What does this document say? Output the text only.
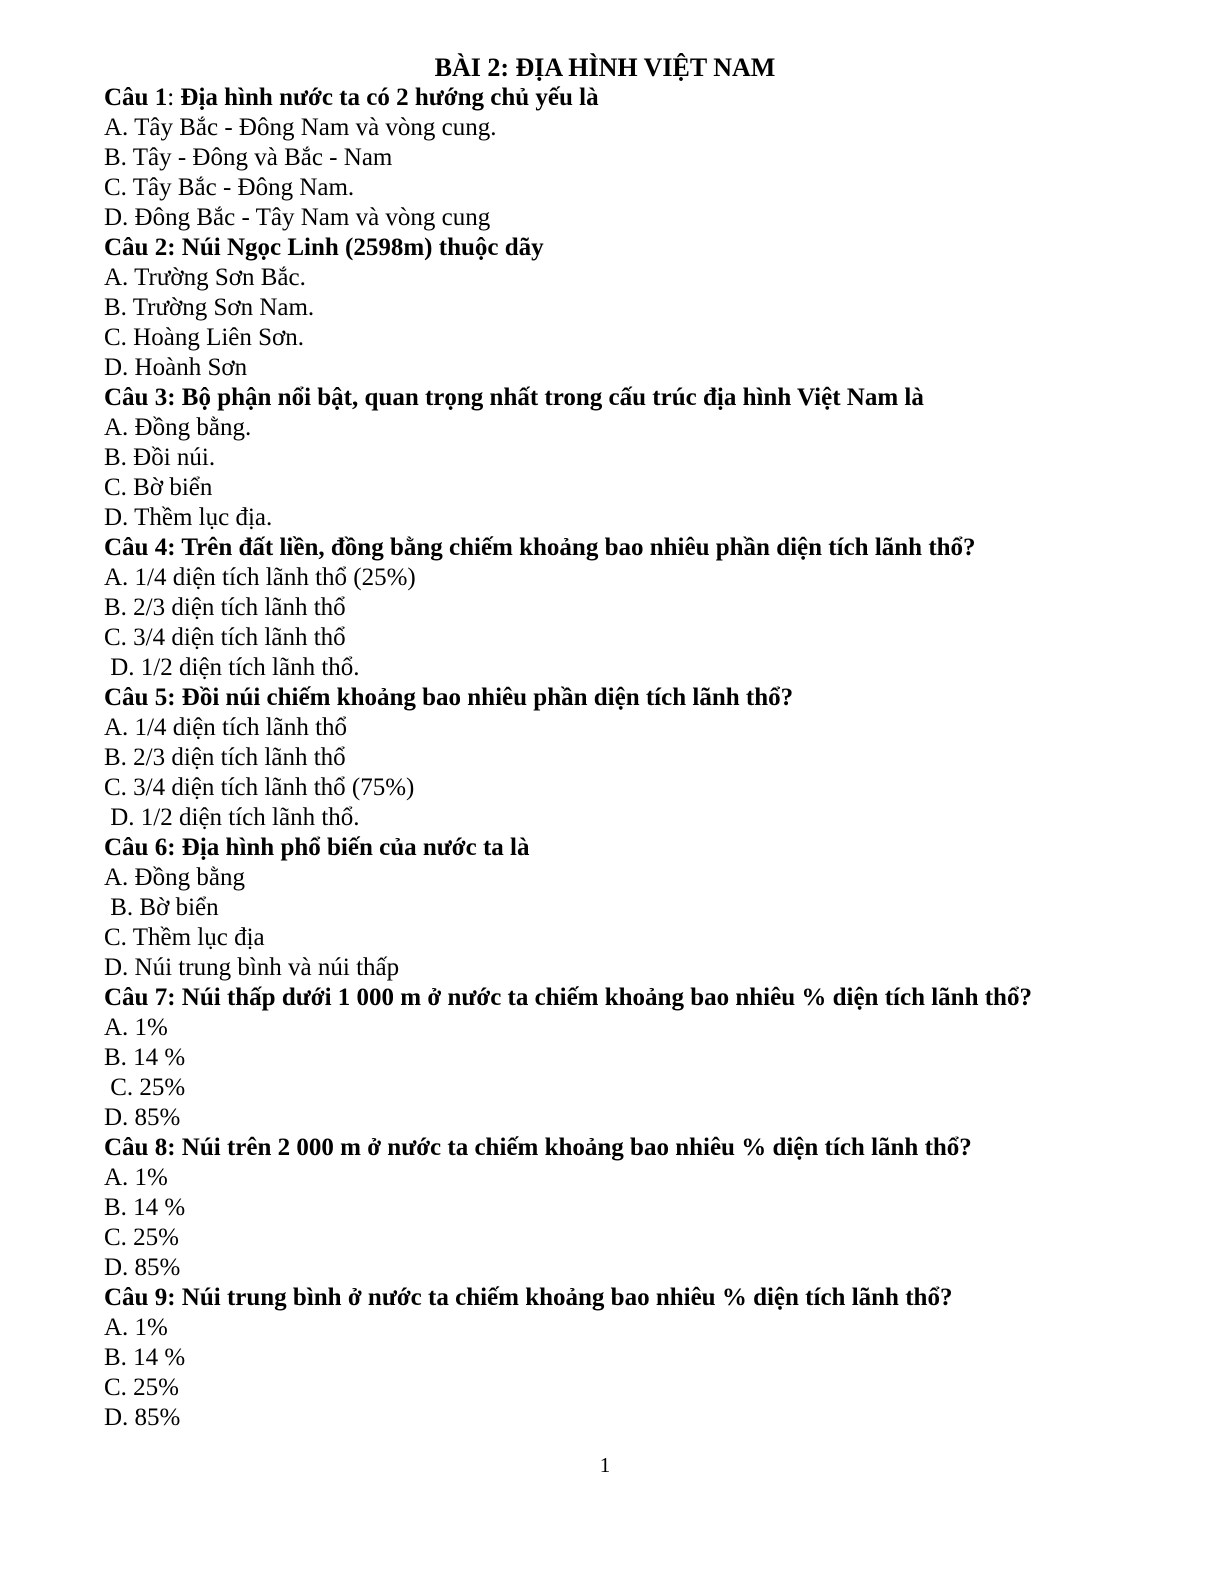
BÀI 2: ĐỊA HÌNH VIỆT NAM
Câu 1: Địa hình nước ta có 2 hướng chủ yếu là
A. Tây Bắc - Đông Nam và vòng cung.
B. Tây - Đông và Bắc - Nam
C. Tây Bắc - Đông Nam.
D. Đông Bắc - Tây Nam và vòng cung
Câu 2: Núi Ngọc Linh (2598m) thuộc dãy
A. Trường Sơn Bắc.
B. Trường Sơn Nam.
C. Hoàng Liên Sơn.
D. Hoành Sơn
Câu 3: Bộ phận nổi bật, quan trọng nhất trong cấu trúc địa hình Việt Nam là
A. Đồng bằng.
B. Đồi núi.
C. Bờ biển
D. Thềm lục địa.
Câu 4: Trên đất liền, đồng bằng chiếm khoảng bao nhiêu phần diện tích lãnh thổ?
A. 1/4 diện tích lãnh thổ (25%)
B. 2/3 diện tích lãnh thổ
C. 3/4 diện tích lãnh thổ
D. 1/2 diện tích lãnh thổ.
Câu 5: Đồi núi chiếm khoảng bao nhiêu phần diện tích lãnh thổ?
A. 1/4 diện tích lãnh thổ
B. 2/3 diện tích lãnh thổ
C. 3/4 diện tích lãnh thổ (75%)
D. 1/2 diện tích lãnh thổ.
Câu 6: Địa hình phổ biến của nước ta là
A. Đồng bằng
B. Bờ biển
C. Thềm lục địa
D. Núi trung bình và núi thấp
Câu 7: Núi thấp dưới 1 000 m ở nước ta chiếm khoảng bao nhiêu % diện tích lãnh thổ?
A. 1%
B. 14 %
C. 25%
D. 85%
Câu 8: Núi trên 2 000 m ở nước ta chiếm khoảng bao nhiêu % diện tích lãnh thổ?
A. 1%
B. 14 %
C. 25%
D. 85%
Câu 9: Núi trung bình ở nước ta chiếm khoảng bao nhiêu % diện tích lãnh thổ?
A. 1%
B. 14 %
C. 25%
D. 85%
1
